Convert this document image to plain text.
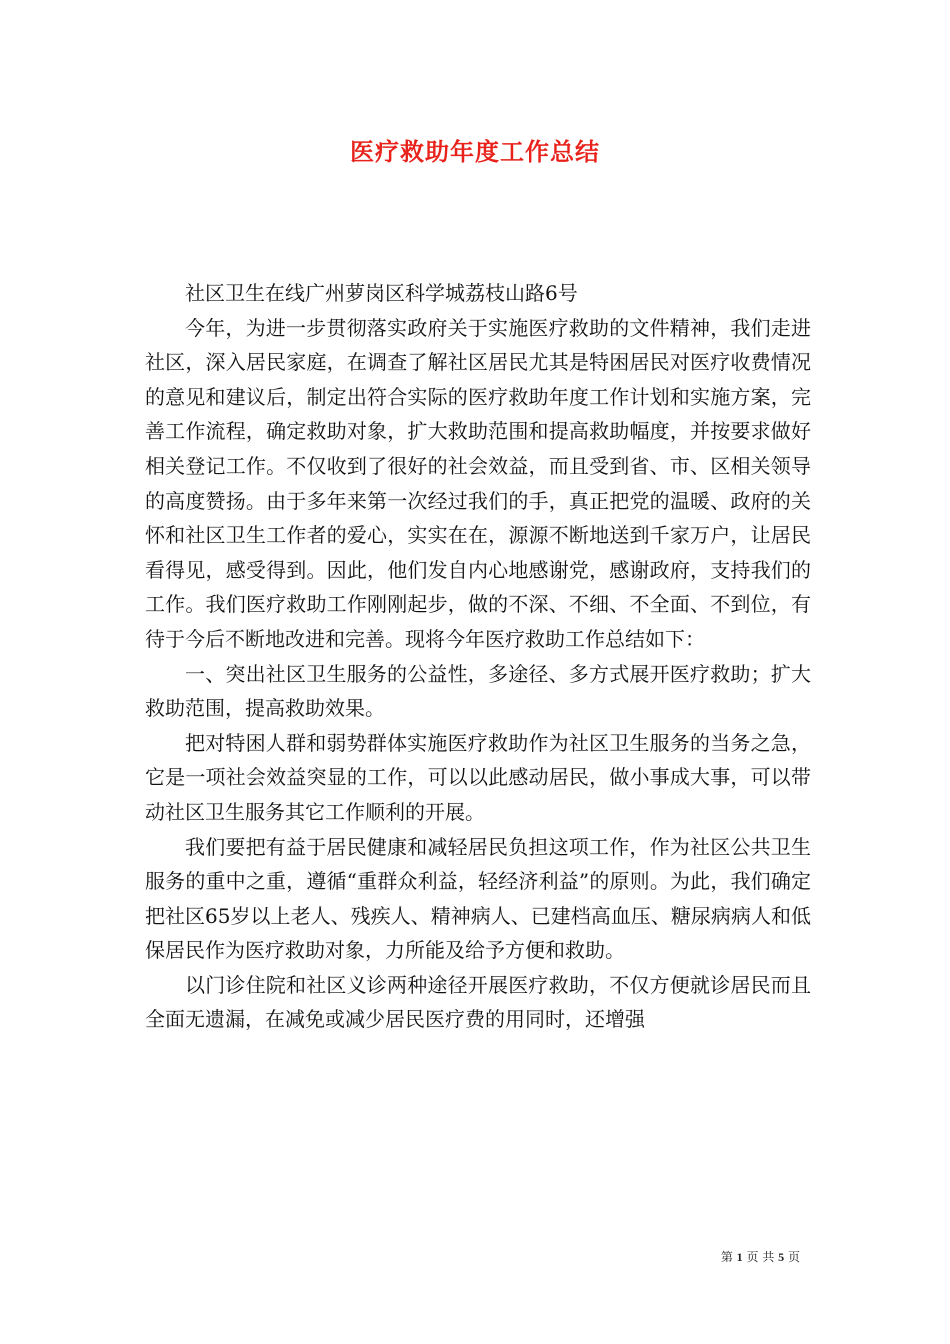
医疗救助年度工作总结

社区卫生在线广州萝岗区科学城荔枝山路6号

今年，为进一步贯彻落实政府关于实施医疗救助的文件精神，我们走进社区，深入居民家庭，在调查了解社区居民尤其是特困居民对医疗收费情况的意见和建议后，制定出符合实际的医疗救助年度工作计划和实施方案，完善工作流程，确定救助对象，扩大救助范围和提高救助幅度，并按要求做好相关登记工作。不仅收到了很好的社会效益，而且受到省、市、区相关领导的高度赞扬。由于多年来第一次经过我们的手，真正把党的温暖、政府的关怀和社区卫生工作者的爱心，实实在在，源源不断地送到千家万户，让居民看得见，感受得到。因此，他们发自内心地感谢党，感谢政府，支持我们的工作。我们医疗救助工作刚刚起步，做的不深、不细、不全面、不到位，有待于今后不断地改进和完善。现将今年医疗救助工作总结如下：

一、突出社区卫生服务的公益性，多途径、多方式展开医疗救助；扩大救助范围，提高救助效果。

把对特困人群和弱势群体实施医疗救助作为社区卫生服务的当务之急，它是一项社会效益突显的工作，可以以此感动居民，做小事成大事，可以带动社区卫生服务其它工作顺利的开展。

我们要把有益于居民健康和减轻居民负担这项工作，作为社区公共卫生服务的重中之重，遵循“重群众利益，轻经济利益”的原则。为此，我们确定把社区65岁以上老人、残疾人、精神病人、已建档高血压、糖尿病病人和低保居民作为医疗救助对象，力所能及给予方便和救助。

以门诊住院和社区义诊两种途径开展医疗救助，不仅方便就诊居民而且全面无遗漏，在减免或减少居民医疗费的用同时，还增强

第 1 页 共 5 页
